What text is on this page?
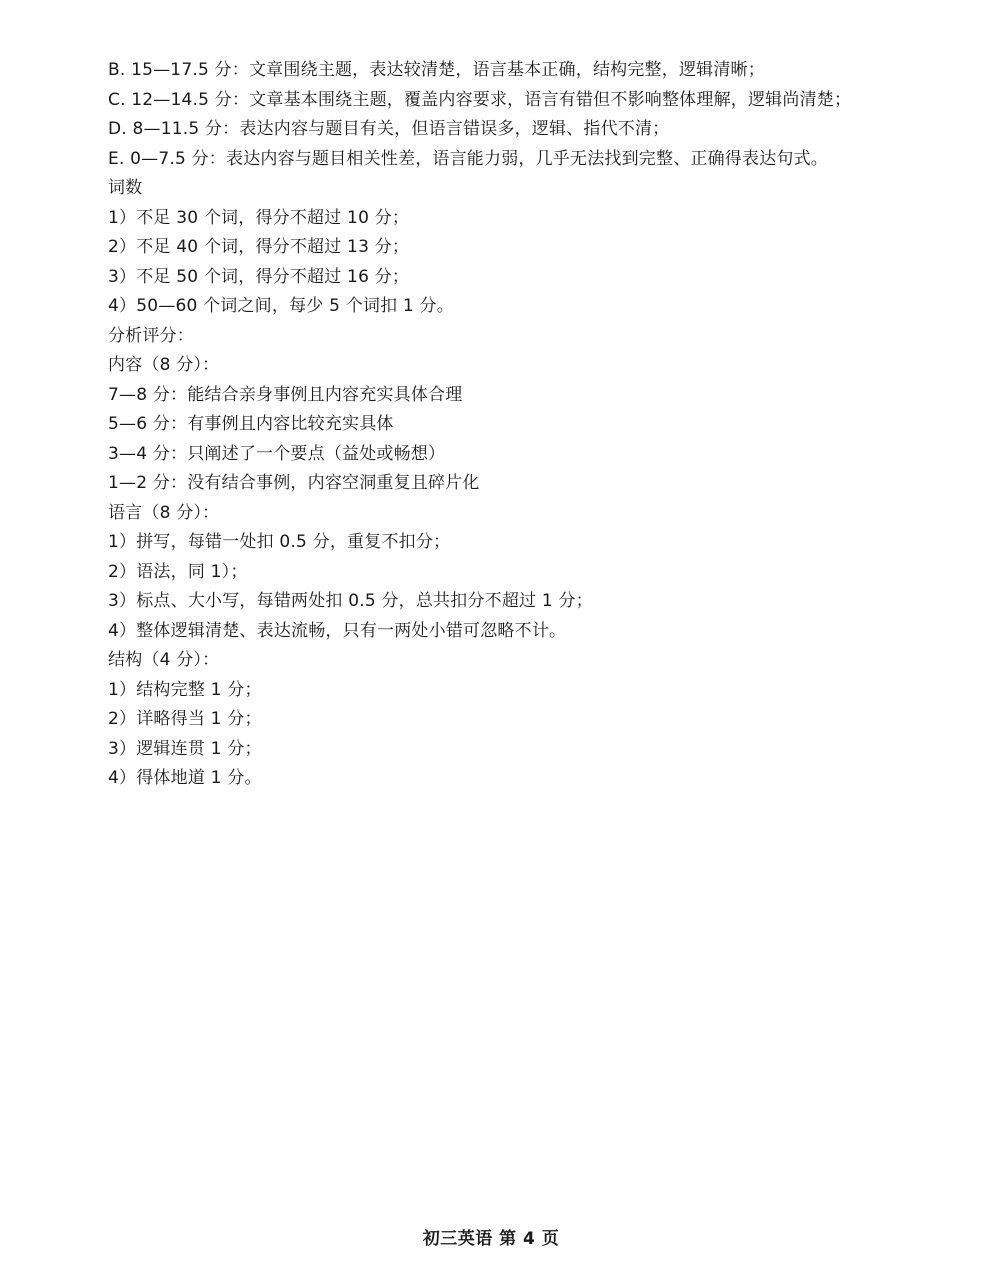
B. 15—17.5 分：文章围绕主题，表达较清楚，语言基本正确，结构完整，逻辑清晰；
C. 12—14.5 分：文章基本围绕主题，覆盖内容要求，语言有错但不影响整体理解，逻辑尚清楚；
D. 8—11.5 分：表达内容与题目有关，但语言错误多，逻辑、指代不清；
E. 0—7.5 分：表达内容与题目相关性差，语言能力弱，几乎无法找到完整、正确得表达句式。
词数
1）不足 30 个词，得分不超过 10 分；
2）不足 40 个词，得分不超过 13 分；
3）不足 50 个词，得分不超过 16 分；
4）50—60 个词之间，每少 5 个词扣 1 分。
分析评分：
内容（8 分）：
7—8 分：能结合亲身事例且内容充实具体合理
5—6 分：有事例且内容比较充实具体
3—4 分：只阐述了一个要点（益处或畅想）
1—2 分：没有结合事例，内容空洞重复且碎片化
语言（8 分）：
1）拼写，每错一处扣 0.5 分，重复不扣分；
2）语法，同 1）；
3）标点、大小写，每错两处扣 0.5 分，总共扣分不超过 1 分；
4）整体逻辑清楚、表达流畅，只有一两处小错可忽略不计。
结构（4 分）：
1）结构完整 1 分；
2）详略得当 1 分；
3）逻辑连贯 1 分；
4）得体地道 1 分。
初三英语 第 4 页
